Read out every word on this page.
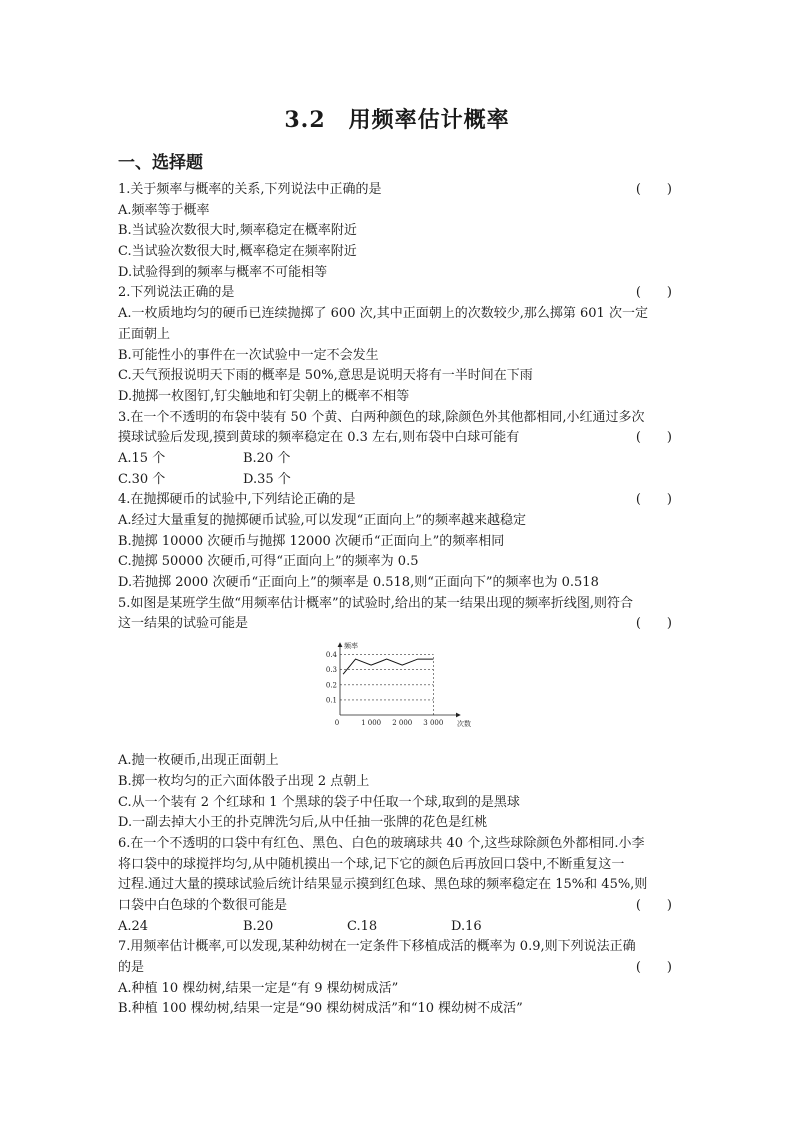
3.2　用频率估计概率
一、选择题
1.关于频率与概率的关系,下列说法中正确的是	(　　)
A.频率等于概率
B.当试验次数很大时,频率稳定在概率附近
C.当试验次数很大时,概率稳定在频率附近
D.试验得到的频率与概率不可能相等
2.下列说法正确的是	(　　)
A.一枚质地均匀的硬币已连续抛掷了 600 次,其中正面朝上的次数较少,那么掷第 601 次一定
正面朝上
B.可能性小的事件在一次试验中一定不会发生
C.天气预报说明天下雨的概率是 50%,意思是说明天将有一半时间在下雨
D.抛掷一枚图钉,钉尖触地和钉尖朝上的概率不相等
3.在一个不透明的布袋中装有 50 个黄、白两种颜色的球,除颜色外其他都相同,小红通过多次
摸球试验后发现,摸到黄球的频率稳定在 0.3 左右,则布袋中白球可能有	(　　)
A.15 个	B.20 个
C.30 个	D.35 个
4.在抛掷硬币的试验中,下列结论正确的是	(　　)
A.经过大量重复的抛掷硬币试验,可以发现“正面向上”的频率越来越稳定
B.抛掷 10000 次硬币与抛掷 12000 次硬币“正面向上”的频率相同
C.抛掷 50000 次硬币,可得“正面向上”的频率为 0.5
D.若抛掷 2000 次硬币“正面向上”的频率是 0.518,则“正面向下”的频率也为 0.518
5.如图是某班学生做“用频率估计概率”的试验时,给出的某一结果出现的频率折线图,则符合
这一结果的试验可能是	(　　)
0.1
0.2
0.3
0.4
1 000 2 000 3 000
0	次数
频率
A.抛一枚硬币,出现正面朝上
B.掷一枚均匀的正六面体骰子出现 2 点朝上
C.从一个装有 2 个红球和 1 个黑球的袋子中任取一个球,取到的是黑球
D.一副去掉大小王的扑克牌洗匀后,从中任抽一张牌的花色是红桃
6.在一个不透明的口袋中有红色、黑色、白色的玻璃球共 40 个,这些球除颜色外都相同.小李
将口袋中的球搅拌均匀,从中随机摸出一个球,记下它的颜色后再放回口袋中,不断重复这一
过程.通过大量的摸球试验后统计结果显示摸到红色球、黑色球的频率稳定在 15%和 45%,则
口袋中白色球的个数很可能是	(　　)
A.24	B.20	C.18	D.16
7.用频率估计概率,可以发现,某种幼树在一定条件下移植成活的概率为 0.9,则下列说法正确
的是	(　　)
A.种植 10 棵幼树,结果一定是“有 9 棵幼树成活”
B.种植 100 棵幼树,结果一定是“90 棵幼树成活”和“10 棵幼树不成活”
